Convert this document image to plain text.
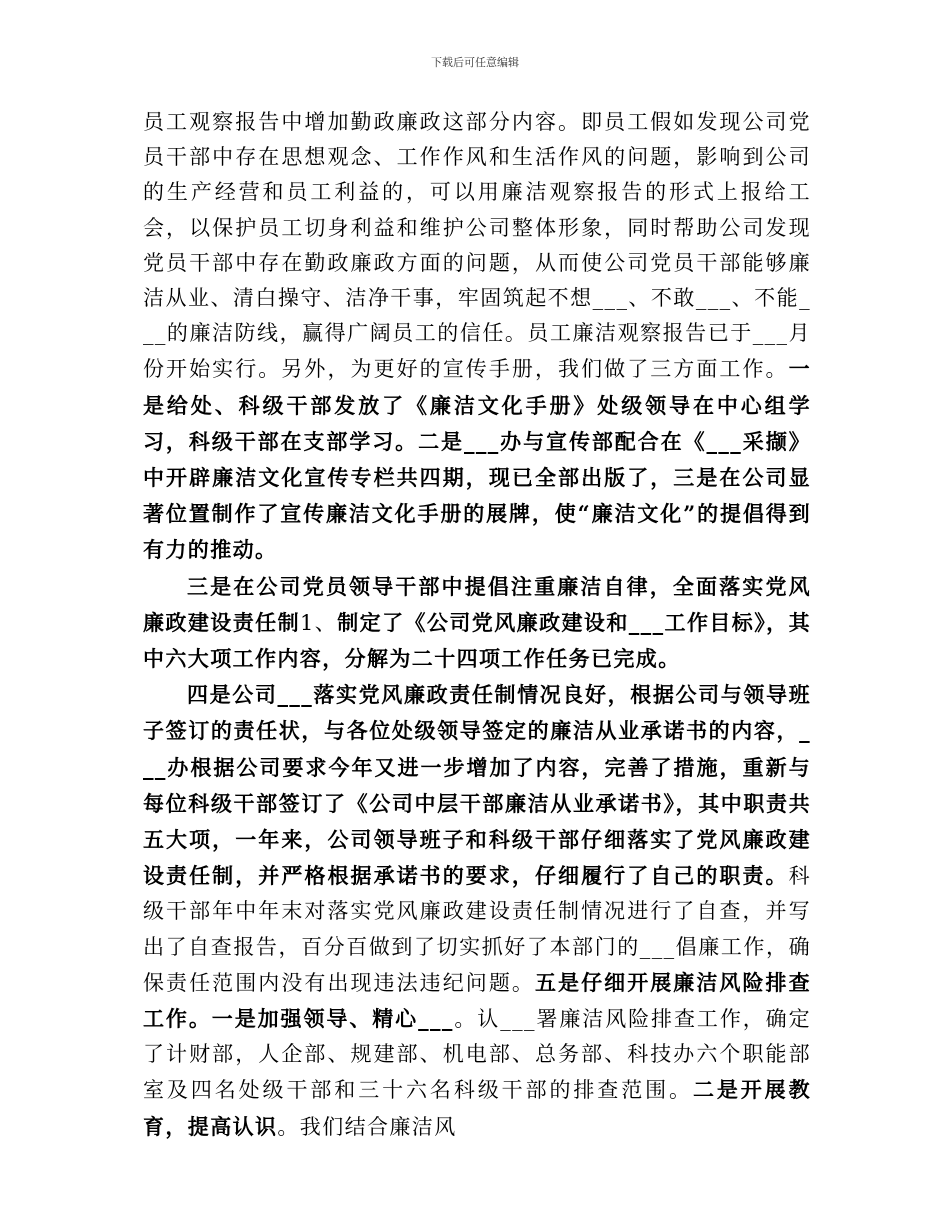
下载后可任意编辑

员工观察报告中增加勤政廉政这部分内容。即员工假如发现公司党员干部中存在思想观念、工作作风和生活作风的问题，影响到公司的生产经营和员工利益的，可以用廉洁观察报告的形式上报给工会，以保护员工切身利益和维护公司整体形象，同时帮助公司发现党员干部中存在勤政廉政方面的问题，从而使公司党员干部能够廉洁从业、清白操守、洁净干事，牢固筑起不想___、不敢___、不能___的廉洁防线，赢得广阔员工的信任。员工廉洁观察报告已于___月份开始实行。另外，为更好的宣传手册，我们做了三方面工作。一是给处、科级干部发放了《廉洁文化手册》处级领导在中心组学习，科级干部在支部学习。二是___办与宣传部配合在《___采撷》中开辟廉洁文化宣传专栏共四期，现已全部出版了，三是在公司显著位置制作了宣传廉洁文化手册的展牌，使“廉洁文化”的提倡得到有力的推动。

三是在公司党员领导干部中提倡注重廉洁自律，全面落实党风廉政建设责任制1、制定了《公司党风廉政建设和___工作目标》，其中六大项工作内容，分解为二十四项工作任务已完成。

四是公司___落实党风廉政责任制情况良好，根据公司与领导班子签订的责任状，与各位处级领导签定的廉洁从业承诺书的内容，___办根据公司要求今年又进一步增加了内容，完善了措施，重新与每位科级干部签订了《公司中层干部廉洁从业承诺书》，其中职责共五大项，一年来，公司领导班子和科级干部仔细落实了党风廉政建设责任制，并严格根据承诺书的要求，仔细履行了自己的职责。科级干部年中年末对落实党风廉政建设责任制情况进行了自查，并写出了自查报告，百分百做到了切实抓好了本部门的___倡廉工作，确保责任范围内没有出现违法违纪问题。五是仔细开展廉洁风险排查工作。一是加强领导、精心___。认___署廉洁风险排查工作，确定了计财部，人企部、规建部、机电部、总务部、科技办六个职能部室及四名处级干部和三十六名科级干部的排查范围。二是开展教育，提高认识。我们结合廉洁风
